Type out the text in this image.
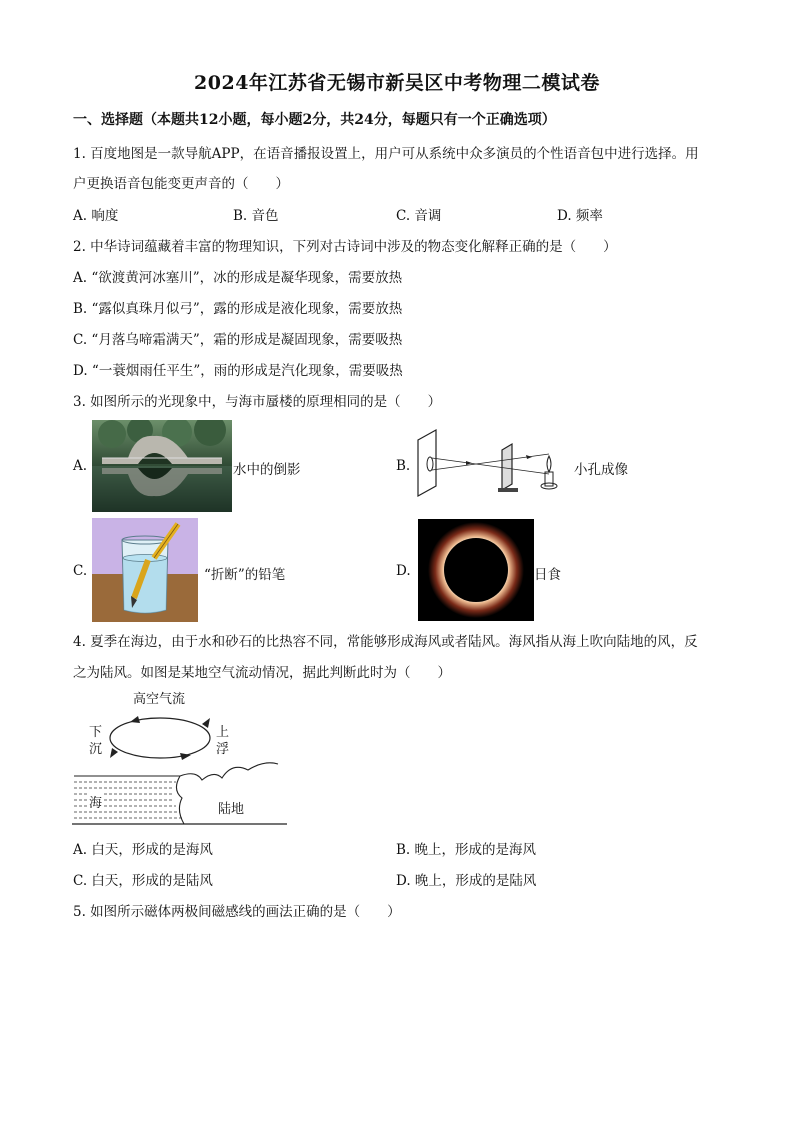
2024年江苏省无锡市新吴区中考物理二模试卷
一、选择题（本题共12小题，每小题2分，共24分，每题只有一个正确选项）
1. 百度地图是一款导航APP，在语音播报设置上，用户可从系统中众多演员的个性语音包中进行选择。用
户更换语音包能变更声音的（　　）
A. 响度	B. 音色	C. 音调	D. 频率
2. 中华诗词蕴藏着丰富的物理知识，下列对古诗词中涉及的物态变化解释正确的是（　　）
A. “欲渡黄河冰塞川”，冰的形成是凝华现象，需要放热
B. “露似真珠月似弓”，露的形成是液化现象，需要放热
C. “月落乌啼霜满天”，霜的形成是凝固现象，需要吸热
D. “一蓑烟雨任平生”，雨的形成是汽化现象，需要吸热
3. 如图所示的光现象中，与海市蜃楼的原理相同的是（　　）
A.	水中的倒影	B.	小孔成像
C.	“折断”的铅笔	D.	日食
4. 夏季在海边，由于水和砂石的比热容不同，常能够形成海风或者陆风。海风指从海上吹向陆地的风，反
之为陆风。如图是某地空气流动情况，据此判断此时为（　　）
高空气流
下
沉
上
浮
海	陆地
A. 白天，形成的是海风	B. 晚上，形成的是海风
C. 白天，形成的是陆风	D. 晚上，形成的是陆风
5. 如图所示磁体两极间磁感线的画法正确的是（　　）
